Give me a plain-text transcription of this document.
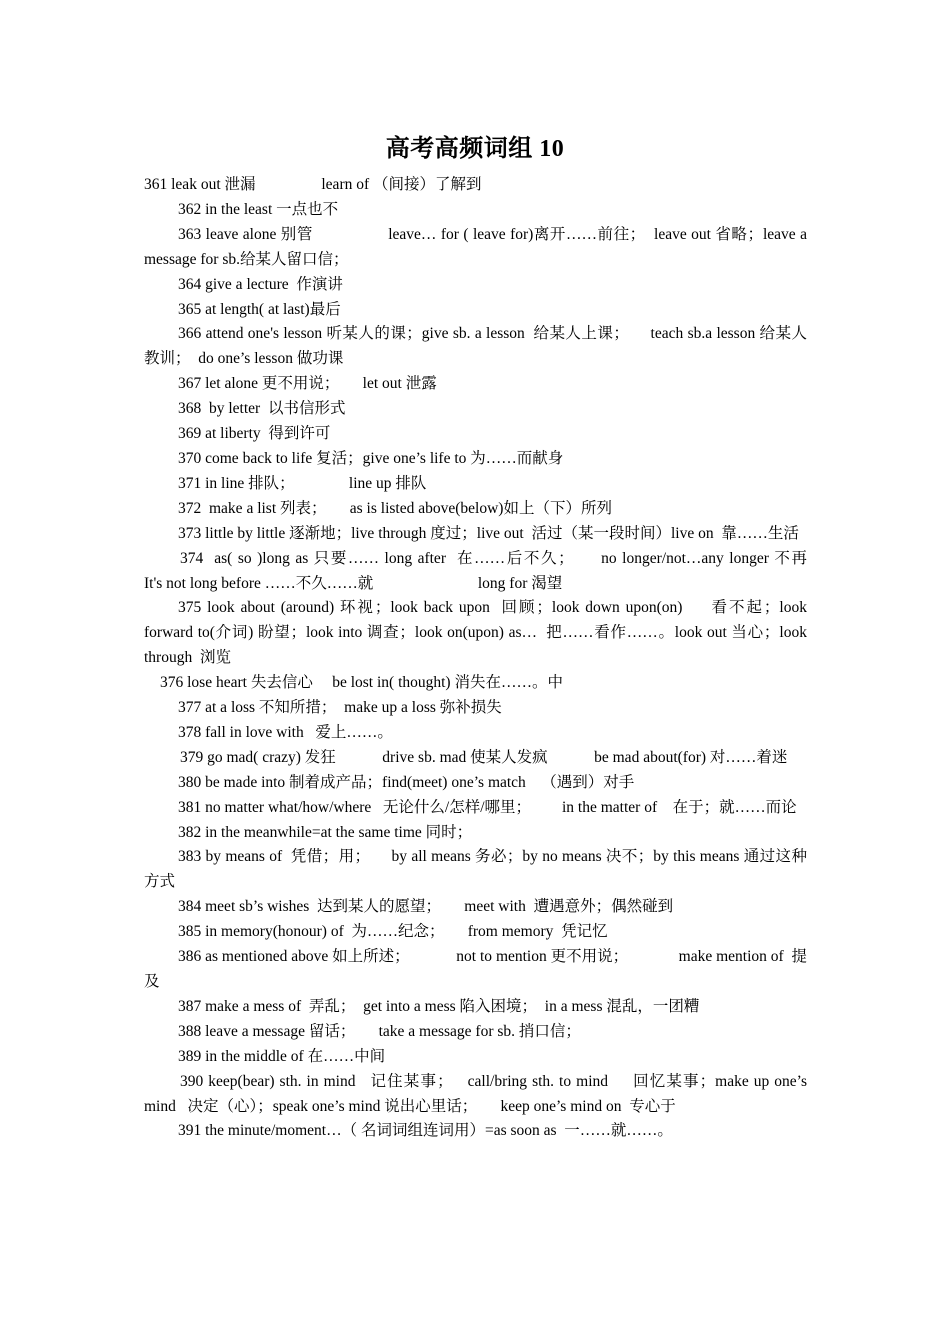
高考高频词组 10

361 leak out 泄漏                 learn of （间接）了解到

362 in the least 一点也不

363 leave alone 别管                 leave… for ( leave for)离开……前往；  leave out 省略；leave a message for sb.给某人留口信；

364 give a lecture  作演讲

365 at length( at last)最后

366 attend one's lesson 听某人的课；give sb. a lesson  给某人上课；     teach sb.a lesson 给某人教训；  do one’s lesson 做功课

367 let alone 更不用说；      let out 泄露

368  by letter  以书信形式

369 at liberty  得到许可

370 come back to life 复活；give one’s life to 为……而献身

371 in line 排队；              line up 排队

372  make a list 列表；      as is listed above(below)如上（下）所列

373 little by little 逐渐地；live through 度过；live out  活过（某一段时间）live on  靠……生活

374  as( so )long as 只要…… long after  在……后不久；     no longer/not…any longer 不再              It's not long before ……不久……就                           long for 渴望

375 look about (around) 环视；look back upon  回顾；look down upon(on)     看不起；look forward to(介词) 盼望；look into 调查；look on(upon) as…  把……看作……。look out 当心；look through  浏览

376 lose heart 失去信心     be lost in( thought) 消失在……。中

377 at a loss 不知所措；  make up a loss 弥补损失

378 fall in love with   爱上……。

379 go mad( crazy) 发狂            drive sb. mad 使某人发疯            be mad about(for) 对……着迷

380 be made into 制着成产品；find(meet) one’s match    （遇到）对手

381 no matter what/how/where   无论什么/怎样/哪里；        in the matter of    在于；就……而论

382 in the meanwhile=at the same time 同时；

383 by means of  凭借；用；     by all means 务必；by no means 决不；by this means 通过这种方式

384 meet sb’s wishes  达到某人的愿望；      meet with  遭遇意外；偶然碰到

385 in memory(honour) of  为……纪念；      from memory  凭记忆

386 as mentioned above 如上所述；            not to mention 更不用说；             make mention of  提及

387 make a mess of  弄乱；  get into a mess 陷入困境；  in a mess 混乱，一团糟

388 leave a message 留话；      take a message for sb. 捎口信；

389 in the middle of 在……中间

390 keep(bear) sth. in mind   记住某事；   call/bring sth. to mind     回忆某事；make up one’s mind   决定（心）；speak one’s mind 说出心里话；      keep one’s mind on  专心于

391 the minute/moment…（ 名词词组连词用）=as soon as  一……就……。
